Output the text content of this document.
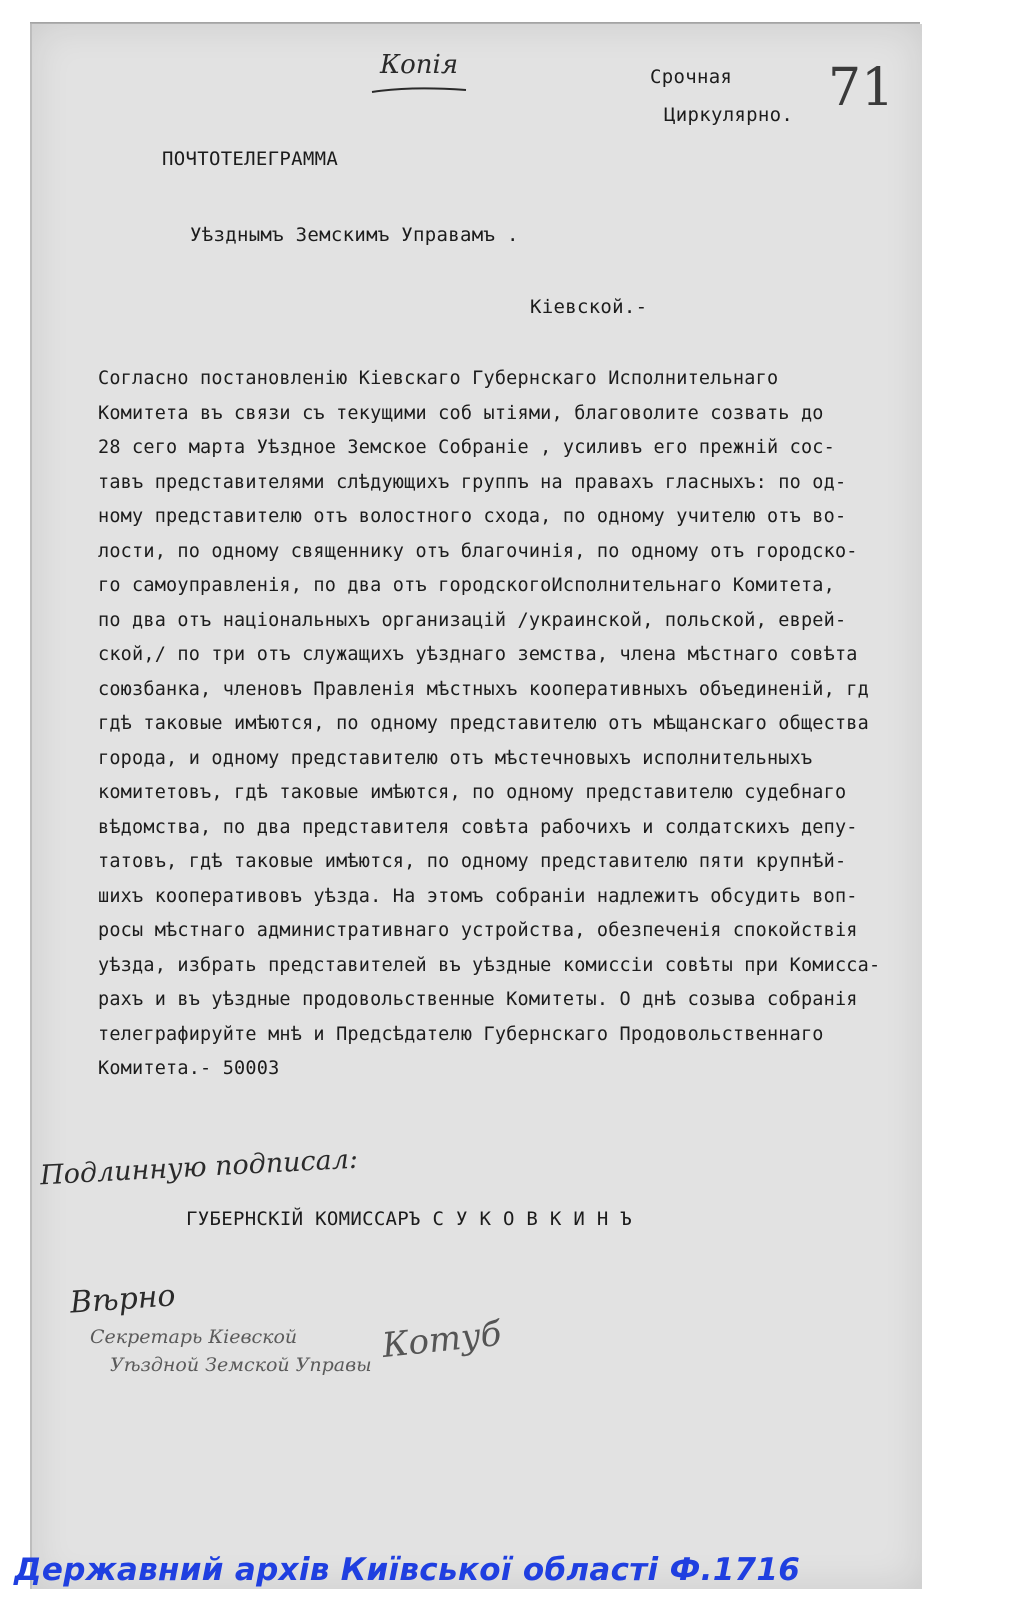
Копія	Срочная
Циркулярно. 71
ПОЧТОТЕЛЕГРАММА
Уѣзднымъ Земскимъ Управамъ .
Кіевской.-
Согласно постановленію Кіевскаго Губернскаго Исполнительнаго
Комитета въ связи съ текущими соб ытіями, благоволите созвать до
28 сего марта Уѣздное Земское Собраніе , усиливъ его прежній сос-
тавъ представителями слѣдующихъ группъ на правахъ гласныхъ: по од-
ному представителю отъ волостного схода, по одному учителю отъ во-
лости, по одному священнику отъ благочинія, по одному отъ городско-
го самоуправленія, по два отъ городскогоИсполнительнаго Комитета,
по два отъ національныхъ организацій /украинской, польской, еврей-
ской,/ по три отъ служащихъ уѣзднаго земства, члена мѣстнаго совѣта
союзбанка, членовъ Правленія мѣстныхъ кооперативныхъ объединеній, гд
гдѣ таковые имѣются, по одному представителю отъ мѣщанскаго общества
города, и одному представителю отъ мѣстечновыхъ исполнительныхъ
комитетовъ, гдѣ таковые имѣются, по одному представителю судебнаго
вѣдомства, по два представителя совѣта рабочихъ и солдатскихъ депу-
татовъ, гдѣ таковые имѣются, по одному представителю пяти крупнѣй-
шихъ кооперативовъ уѣзда. На этомъ собраніи надлежитъ обсудить воп-
росы мѣстнаго административнаго устройства, обезпеченія спокойствія
уѣзда, избрать представителей въ уѣздные комиссіи совѣты при Комисса-
рахъ и въ уѣздные продовольственные Комитеты. О днѣ созыва собранія
телеграфируйте мнѣ и Предсѣдателю Губернскаго Продовольственнаго
Комитета.- 50003
Подлинную подписал:
ГУБЕРНСКІЙ КОМИССАРЪ С У К О В К И Н Ъ
Вѣрно
Секретарь Кіевской
Уѣздной Земской Управы Котуб
Державний архів Київської області Ф.1716
